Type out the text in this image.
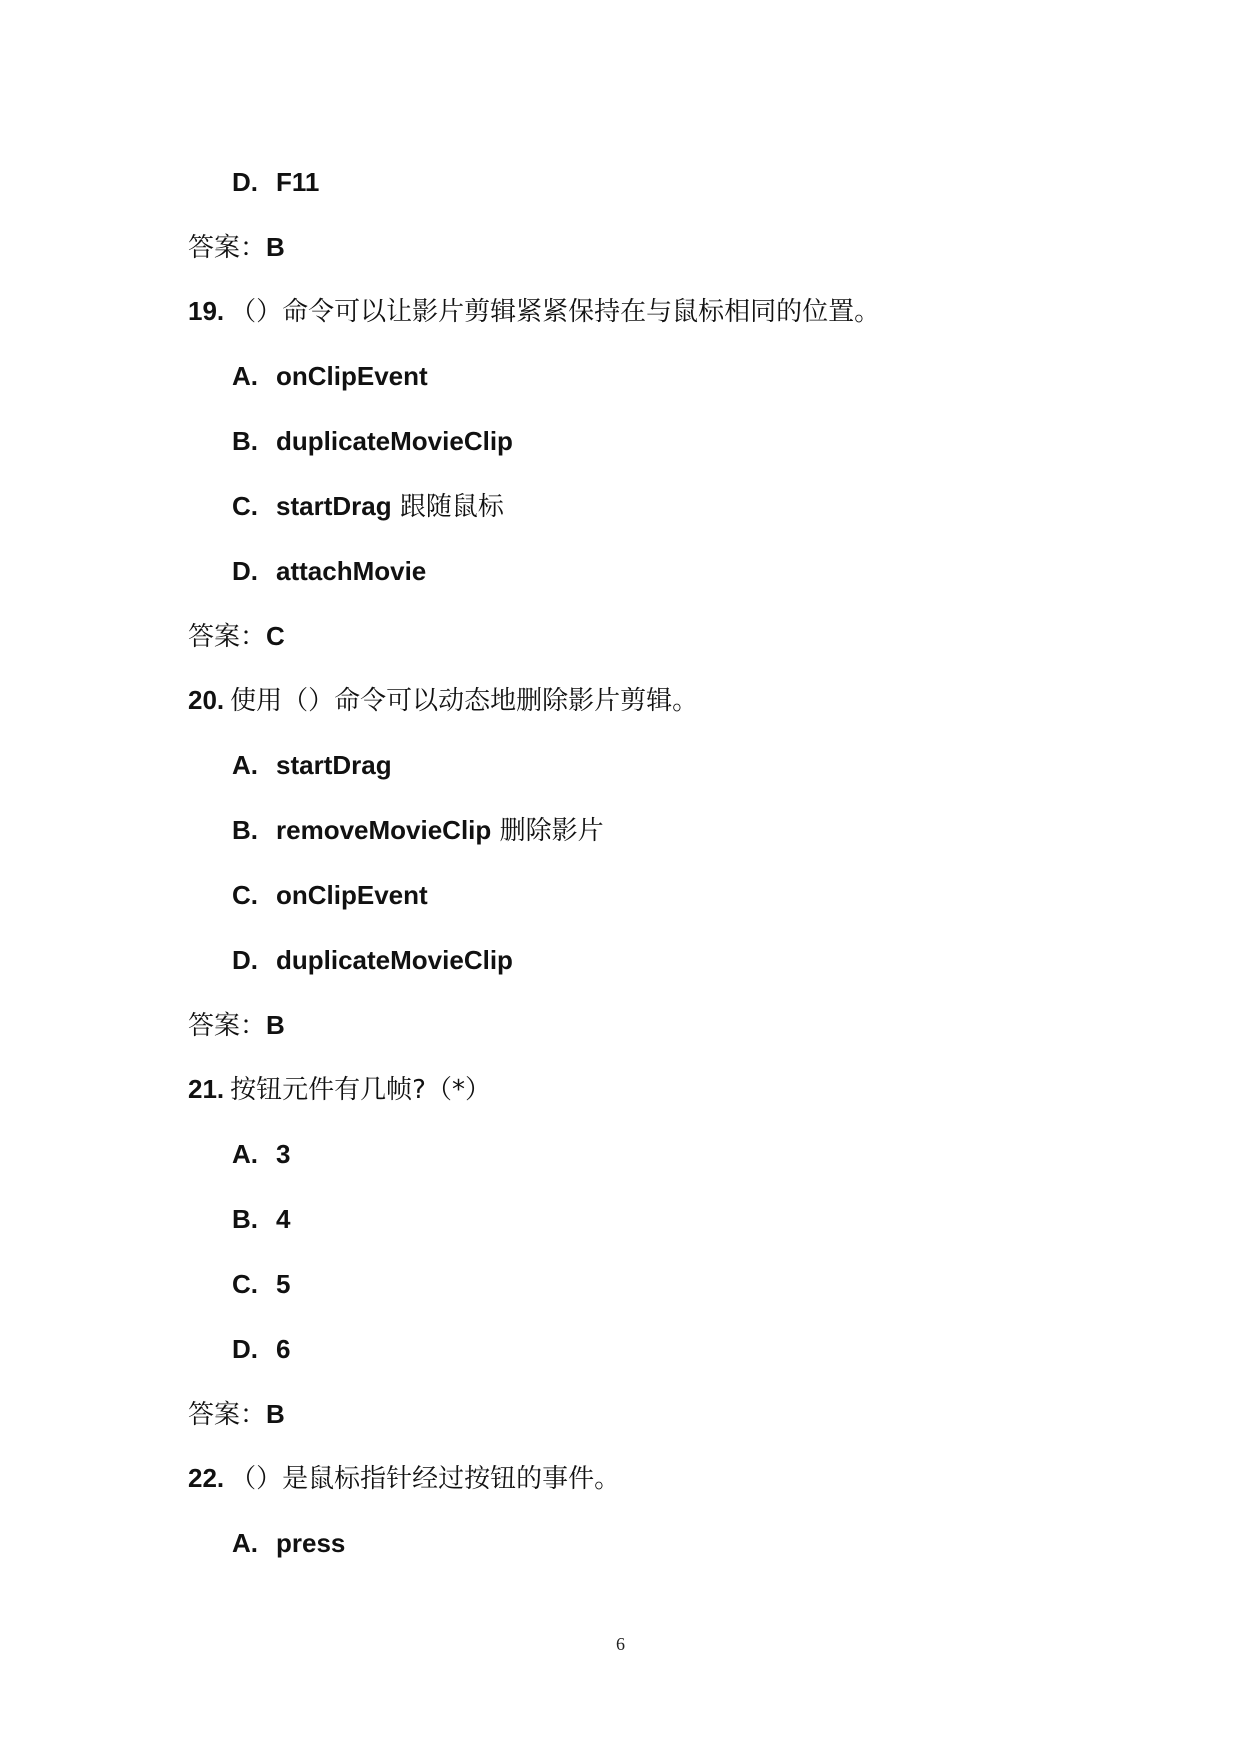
D. F11
答案：B
19. （）命令可以让影片剪辑紧紧保持在与鼠标相同的位置。
A. onClipEvent
B. duplicateMovieClip
C. startDrag 跟随鼠标
D. attachMovie
答案：C
20. 使用（）命令可以动态地删除影片剪辑。
A. startDrag
B. removeMovieClip 删除影片
C. onClipEvent
D. duplicateMovieClip
答案：B
21. 按钮元件有几帧?（*）
A. 3
B. 4
C. 5
D. 6
答案：B
22. （）是鼠标指针经过按钮的事件。
A. press
6
